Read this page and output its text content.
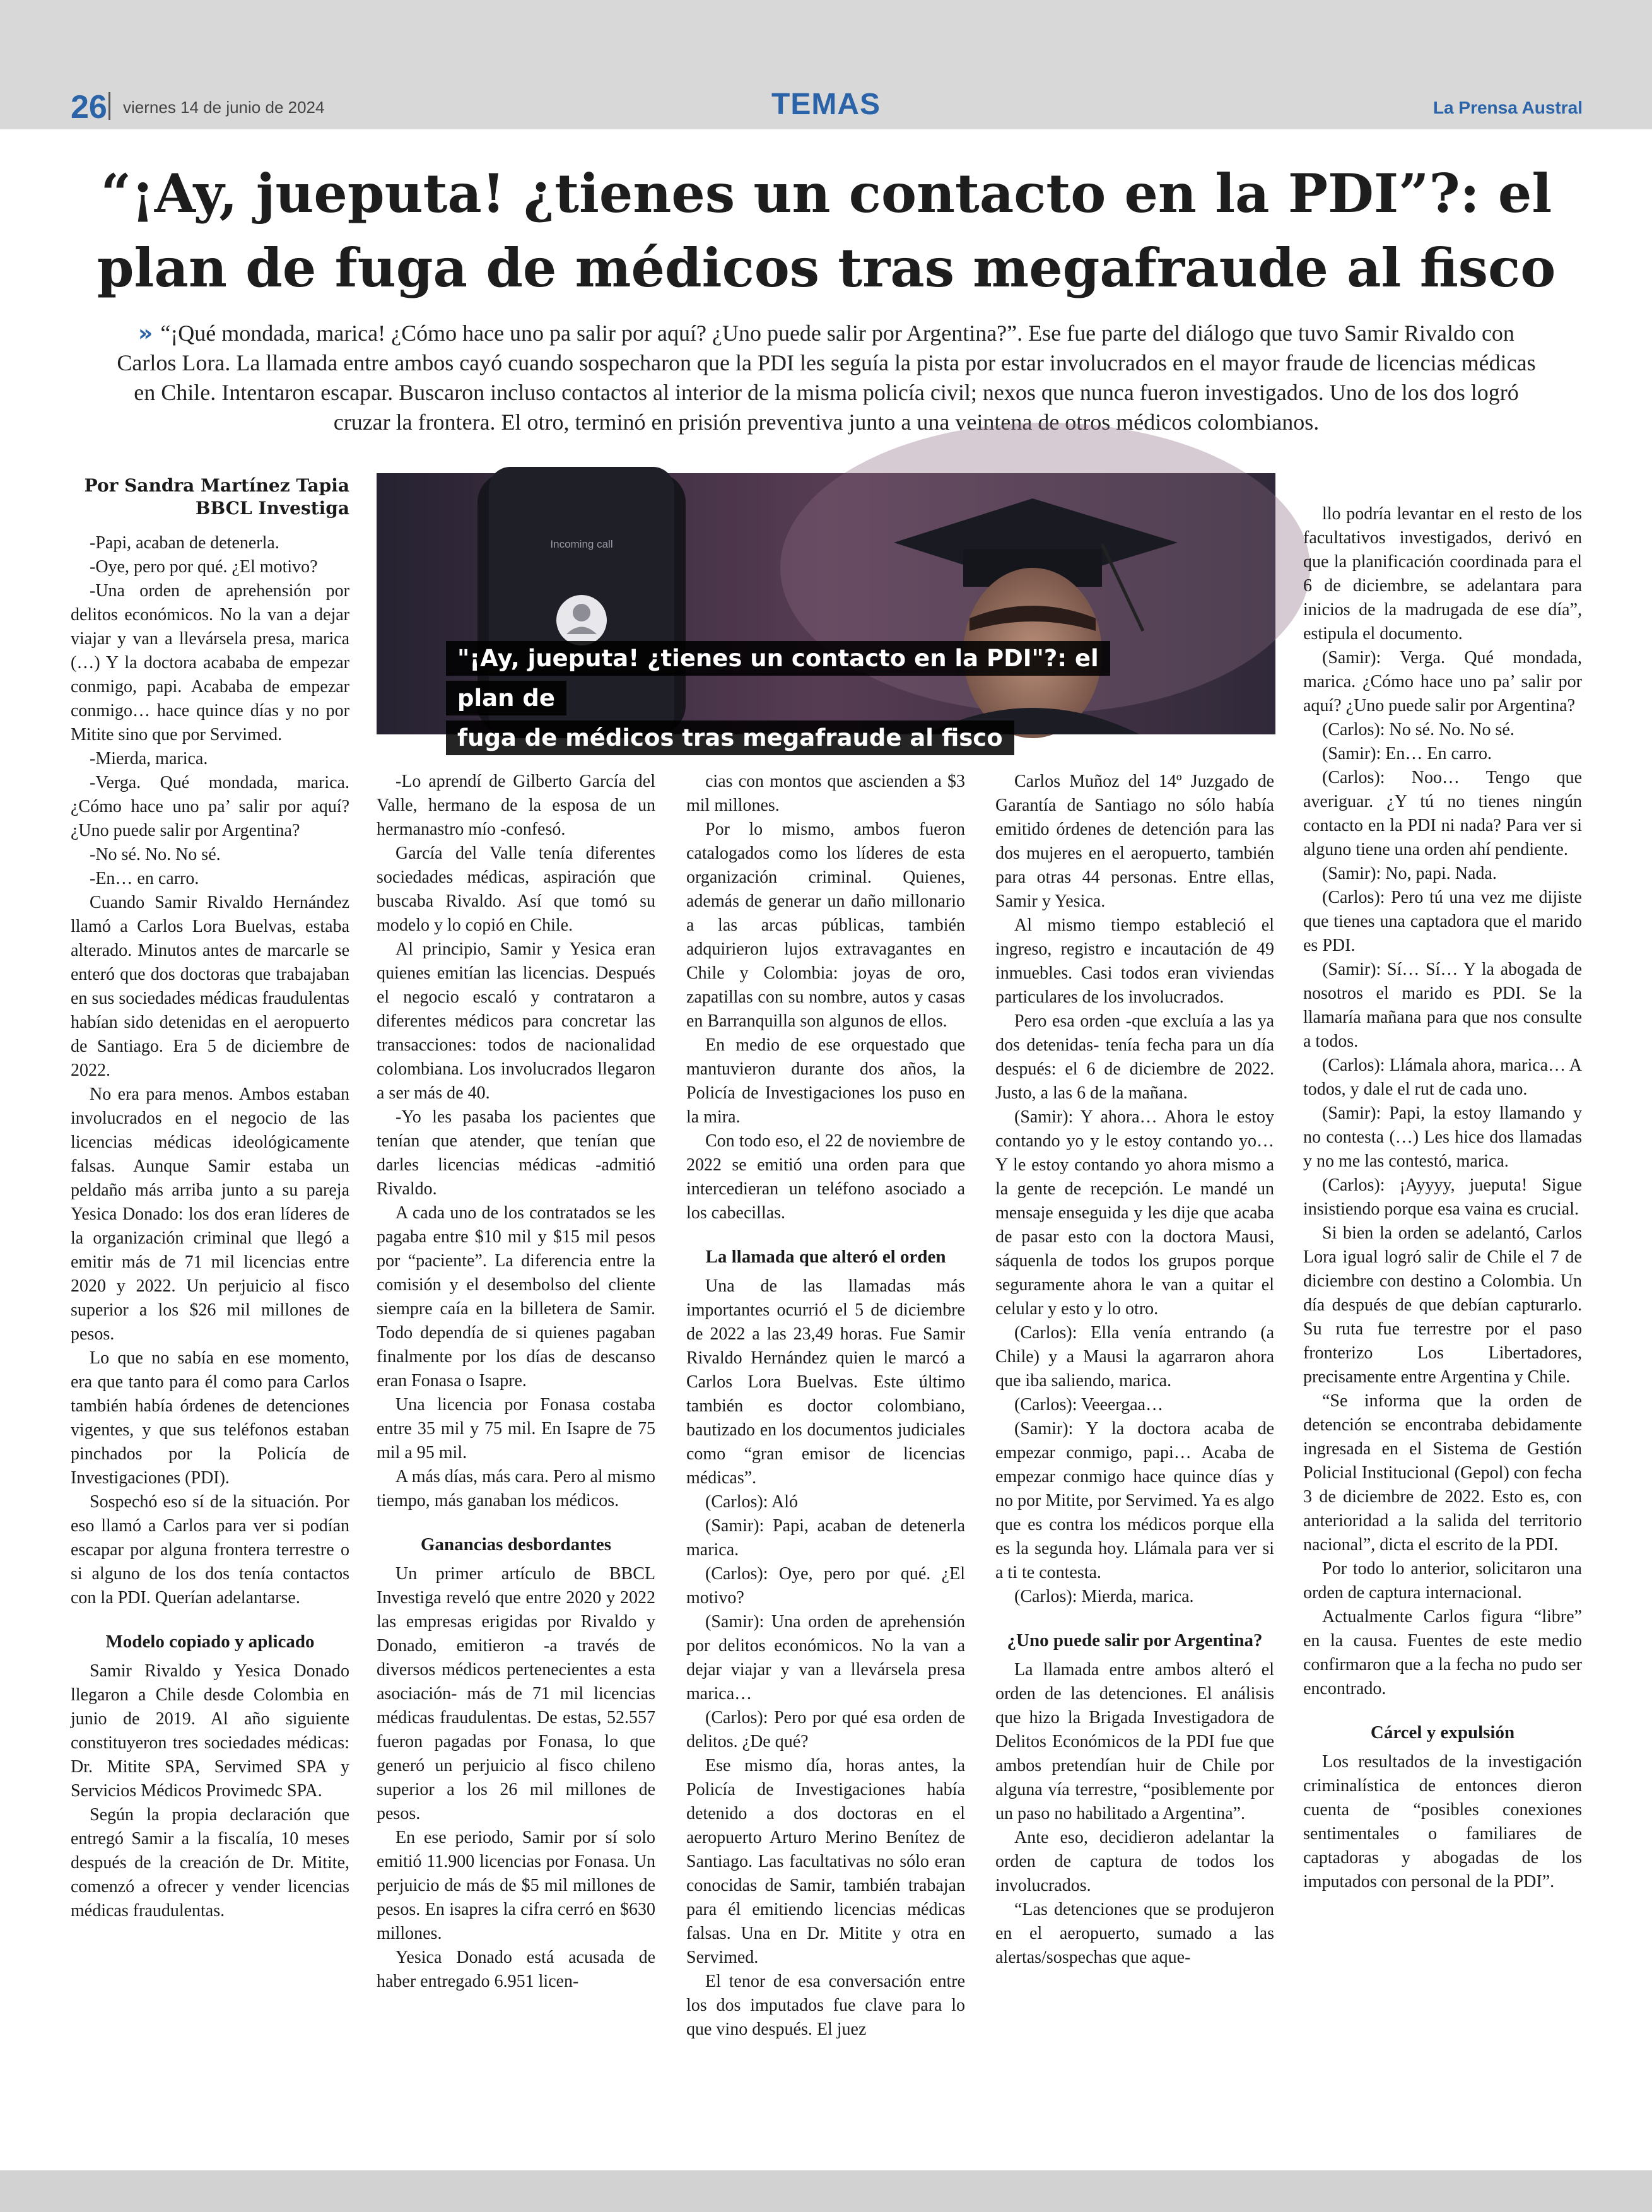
26 viernes 14 de junio de 2024	TEMAS	La Prensa Austral
“¡Ay, jueputa! ¿tienes un contacto en la PDI”?: el plan de fuga de médicos tras megafraude al fisco
» “¡Qué mondada, marica! ¿Cómo hace uno pa salir por aquí? ¿Uno puede salir por Argentina?”. Ese fue parte del diálogo que tuvo Samir Rivaldo con Carlos Lora. La llamada entre ambos cayó cuando sospecharon que la PDI les seguía la pista por estar involucrados en el mayor fraude de licencias médicas en Chile. Intentaron escapar. Buscaron incluso contactos al interior de la misma policía civil; nexos que nunca fueron investigados. Uno de los dos logró cruzar la frontera. El otro, terminó en prisión preventiva junto a una veintena de otros médicos colombianos.
Por Sandra Martínez Tapia
BBCL Investiga

-Papi, acaban de detenerla.

-Oye, pero por qué. ¿El motivo?

-Una orden de aprehensión por delitos económicos. No la van a dejar viajar y van a llevársela presa, marica (…) Y la doctora acababa de empezar conmigo, papi. Acababa de empezar conmigo… hace quince días y no por Mitite sino que por Servimed.

-Mierda, marica.

-Verga. Qué mondada, marica. ¿Cómo hace uno pa’ salir por aquí? ¿Uno puede salir por Argentina?

-No sé. No. No sé.

-En… en carro.

Cuando Samir Rivaldo Hernández llamó a Carlos Lora Buelvas, estaba alterado. Minutos antes de marcarle se enteró que dos doctoras que trabajaban en sus sociedades médicas fraudulentas habían sido detenidas en el aeropuerto de Santiago. Era 5 de diciembre de 2022.

No era para menos. Ambos estaban involucrados en el negocio de las licencias médicas ideológicamente falsas. Aunque Samir estaba un peldaño más arriba junto a su pareja Yesica Donado: los dos eran líderes de la organización criminal que llegó a emitir más de 71 mil licencias entre 2020 y 2022. Un perjuicio al fisco superior a los $26 mil millones de pesos.

Lo que no sabía en ese momento, era que tanto para él como para Carlos también había órdenes de detenciones vigentes, y que sus teléfonos estaban pinchados por la Policía de Investigaciones (PDI).

Sospechó eso sí de la situación. Por eso llamó a Carlos para ver si podían escapar por alguna frontera terrestre o si alguno de los dos tenía contactos con la PDI. Querían adelantarse.

Modelo copiado y aplicado

Samir Rivaldo y Yesica Donado llegaron a Chile desde Colombia en junio de 2019. Al año siguiente constituyeron tres sociedades médicas: Dr. Mitite SPA, Servimed SPA y Servicios Médicos Provimedc SPA.

Según la propia declaración que entregó Samir a la fiscalía, 10 meses después de la creación de Dr. Mitite, comenzó a ofrecer y vender licencias médicas fraudulentas.

Incoming call
"¡Ay, jueputa! ¿tienes un contacto en la PDI"?: el plan de
fuga de médicos tras megafraude al fisco

-Lo aprendí de Gilberto García del Valle, hermano de la esposa de un hermanastro mío -confesó.

García del Valle tenía diferentes sociedades médicas, aspiración que buscaba Rivaldo. Así que tomó su modelo y lo copió en Chile.

Al principio, Samir y Yesica eran quienes emitían las licencias. Después el negocio escaló y contrataron a diferentes médicos para concretar las transacciones: todos de nacionalidad colombiana. Los involucrados llegaron a ser más de 40.

-Yo les pasaba los pacientes que tenían que atender, que tenían que darles licencias médicas -admitió Rivaldo.

A cada uno de los contratados se les pagaba entre $10 mil y $15 mil pesos por “paciente”. La diferencia entre la comisión y el desembolso del cliente siempre caía en la billetera de Samir. Todo dependía de si quienes pagaban finalmente por los días de descanso eran Fonasa o Isapre.

Una licencia por Fonasa costaba entre 35 mil y 75 mil. En Isapre de 75 mil a 95 mil.

A más días, más cara. Pero al mismo tiempo, más ganaban los médicos.

Ganancias desbordantes

Un primer artículo de BBCL Investiga reveló que entre 2020 y 2022 las empresas erigidas por Rivaldo y Donado, emitieron -a través de diversos médicos pertenecientes a esta asociación- más de 71 mil licencias médicas fraudulentas. De estas, 52.557 fueron pagadas por Fonasa, lo que generó un perjuicio al fisco chileno superior a los 26 mil millones de pesos.

En ese periodo, Samir por sí solo emitió 11.900 licencias por Fonasa. Un perjuicio de más de $5 mil millones de pesos. En isapres la cifra cerró en $630 millones.

Yesica Donado está acusada de haber entregado 6.951 licen-

cias con montos que ascienden a $3 mil millones.

Por lo mismo, ambos fueron catalogados como los líderes de esta organización criminal. Quienes, además de generar un daño millonario a las arcas públicas, también adquirieron lujos extravagantes en Chile y Colombia: joyas de oro, zapatillas con su nombre, autos y casas en Barranquilla son algunos de ellos.

En medio de ese orquestado que mantuvieron durante dos años, la Policía de Investigaciones los puso en la mira.

Con todo eso, el 22 de noviembre de 2022 se emitió una orden para que intercedieran un teléfono asociado a los cabecillas.

La llamada que alteró el orden

Una de las llamadas más importantes ocurrió el 5 de diciembre de 2022 a las 23,49 horas. Fue Samir Rivaldo Hernández quien le marcó a Carlos Lora Buelvas. Este último también es doctor colombiano, bautizado en los documentos judiciales como “gran emisor de licencias médicas”.

(Carlos): Aló

(Samir): Papi, acaban de detenerla marica.

(Carlos): Oye, pero por qué. ¿El motivo?

(Samir): Una orden de aprehensión por delitos económicos. No la van a dejar viajar y van a llevársela presa marica…

(Carlos): Pero por qué esa orden de delitos. ¿De qué?

Ese mismo día, horas antes, la Policía de Investigaciones había detenido a dos doctoras en el aeropuerto Arturo Merino Benítez de Santiago. Las facultativas no sólo eran conocidas de Samir, también trabajan para él emitiendo licencias médicas falsas. Una en Dr. Mitite y otra en Servimed.

El tenor de esa conversación entre los dos imputados fue clave para lo que vino después. El juez

Carlos Muñoz del 14º Juzgado de Garantía de Santiago no sólo había emitido órdenes de detención para las dos mujeres en el aeropuerto, también para otras 44 personas. Entre ellas, Samir y Yesica.

Al mismo tiempo estableció el ingreso, registro e incautación de 49 inmuebles. Casi todos eran viviendas particulares de los involucrados.

Pero esa orden -que excluía a las ya dos detenidas- tenía fecha para un día después: el 6 de diciembre de 2022. Justo, a las 6 de la mañana.

(Samir): Y ahora… Ahora le estoy contando yo y le estoy contando yo… Y le estoy contando yo ahora mismo a la gente de recepción. Le mandé un mensaje enseguida y les dije que acaba de pasar esto con la doctora Mausi, sáquenla de todos los grupos porque seguramente ahora le van a quitar el celular y esto y lo otro.

(Carlos): Ella venía entrando (a Chile) y a Mausi la agarraron ahora que iba saliendo, marica.

(Carlos): Veeergaa…

(Samir): Y la doctora acaba de empezar conmigo, papi… Acaba de empezar conmigo hace quince días y no por Mitite, por Servimed. Ya es algo que es contra los médicos porque ella es la segunda hoy. Llámala para ver si a ti te contesta.

(Carlos): Mierda, marica.

¿Uno puede salir por Argentina?

La llamada entre ambos alteró el orden de las detenciones. El análisis que hizo la Brigada Investigadora de Delitos Económicos de la PDI fue que ambos pretendían huir de Chile por alguna vía terrestre, “posiblemente por un paso no habilitado a Argentina”.

Ante eso, decidieron adelantar la orden de captura de todos los involucrados.

“Las detenciones que se produjeron en el aeropuerto, sumado a las alertas/sospechas que aque-

llo podría levantar en el resto de los facultativos investigados, derivó en que la planificación coordinada para el 6 de diciembre, se adelantara para inicios de la madrugada de ese día”, estipula el documento.

(Samir): Verga. Qué mondada, marica. ¿Cómo hace uno pa’ salir por aquí? ¿Uno puede salir por Argentina?

(Carlos): No sé. No. No sé.

(Samir): En… En carro.

(Carlos): Noo… Tengo que averiguar. ¿Y tú no tienes ningún contacto en la PDI ni nada? Para ver si alguno tiene una orden ahí pendiente.

(Samir): No, papi. Nada.

(Carlos): Pero tú una vez me dijiste que tienes una captadora que el marido es PDI.

(Samir): Sí… Sí… Y la abogada de nosotros el marido es PDI. Se la llamaría mañana para que nos consulte a todos.

(Carlos): Llámala ahora, marica… A todos, y dale el rut de cada uno.

(Samir): Papi, la estoy llamando y no contesta (…) Les hice dos llamadas y no me las contestó, marica.

(Carlos): ¡Ayyyy, jueputa! Sigue insistiendo porque esa vaina es crucial.

Si bien la orden se adelantó, Carlos Lora igual logró salir de Chile el 7 de diciembre con destino a Colombia. Un día después de que debían capturarlo. Su ruta fue terrestre por el paso fronterizo Los Libertadores, precisamente entre Argentina y Chile.

“Se informa que la orden de detención se encontraba debidamente ingresada en el Sistema de Gestión Policial Institucional (Gepol) con fecha 3 de diciembre de 2022. Esto es, con anterioridad a la salida del territorio nacional”, dicta el escrito de la PDI.

Por todo lo anterior, solicitaron una orden de captura internacional.

Actualmente Carlos figura “libre” en la causa. Fuentes de este medio confirmaron que a la fecha no pudo ser encontrado.

Cárcel y expulsión

Los resultados de la investigación criminalística de entonces dieron cuenta de “posibles conexiones sentimentales o familiares de captadoras y abogadas de los imputados con personal de la PDI”.
